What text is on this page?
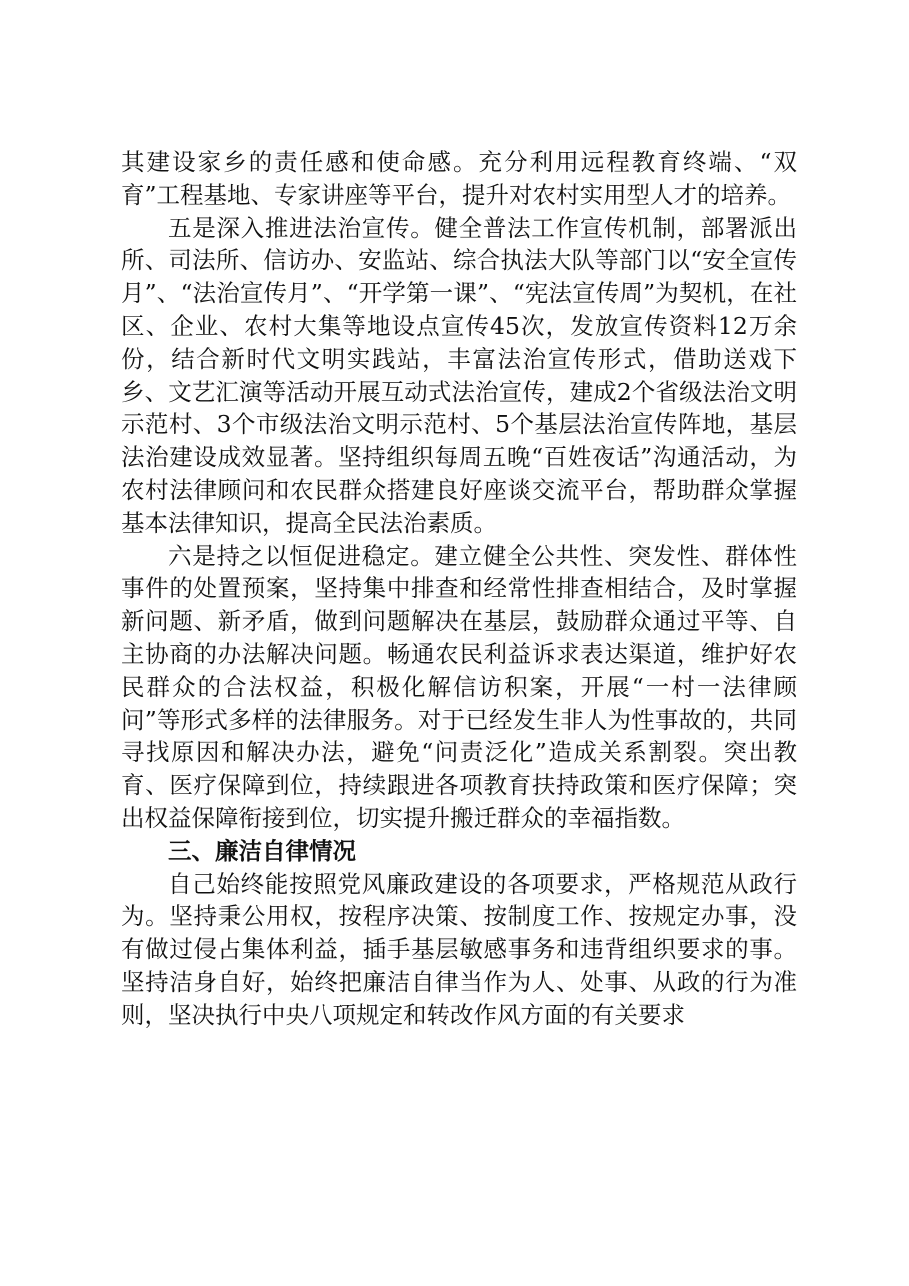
其建设家乡的责任感和使命感。充分利用远程教育终端、“双育”工程基地、专家讲座等平台，提升对农村实用型人才的培养。

五是深入推进法治宣传。健全普法工作宣传机制，部署派出所、司法所、信访办、安监站、综合执法大队等部门以“安全宣传月”、“法治宣传月”、“开学第一课”、“宪法宣传周”为契机，在社区、企业、农村大集等地设点宣传45次，发放宣传资料12万余份，结合新时代文明实践站，丰富法治宣传形式，借助送戏下乡、文艺汇演等活动开展互动式法治宣传，建成2个省级法治文明示范村、3个市级法治文明示范村、5个基层法治宣传阵地，基层法治建设成效显著。坚持组织每周五晚“百姓夜话”沟通活动，为农村法律顾问和农民群众搭建良好座谈交流平台，帮助群众掌握基本法律知识，提高全民法治素质。

六是持之以恒促进稳定。建立健全公共性、突发性、群体性事件的处置预案，坚持集中排查和经常性排查相结合，及时掌握新问题、新矛盾，做到问题解决在基层，鼓励群众通过平等、自主协商的办法解决问题。畅通农民利益诉求表达渠道，维护好农民群众的合法权益，积极化解信访积案，开展“一村一法律顾问”等形式多样的法律服务。对于已经发生非人为性事故的，共同寻找原因和解决办法，避免“问责泛化”造成关系割裂。突出教育、医疗保障到位，持续跟进各项教育扶持政策和医疗保障；突出权益保障衔接到位，切实提升搬迁群众的幸福指数。

三、廉洁自律情况

自己始终能按照党风廉政建设的各项要求，严格规范从政行为。坚持秉公用权，按程序决策、按制度工作、按规定办事，没有做过侵占集体利益，插手基层敏感事务和违背组织要求的事。坚持洁身自好，始终把廉洁自律当作为人、处事、从政的行为准则，坚决执行中央八项规定和转改作风方面的有关要求
